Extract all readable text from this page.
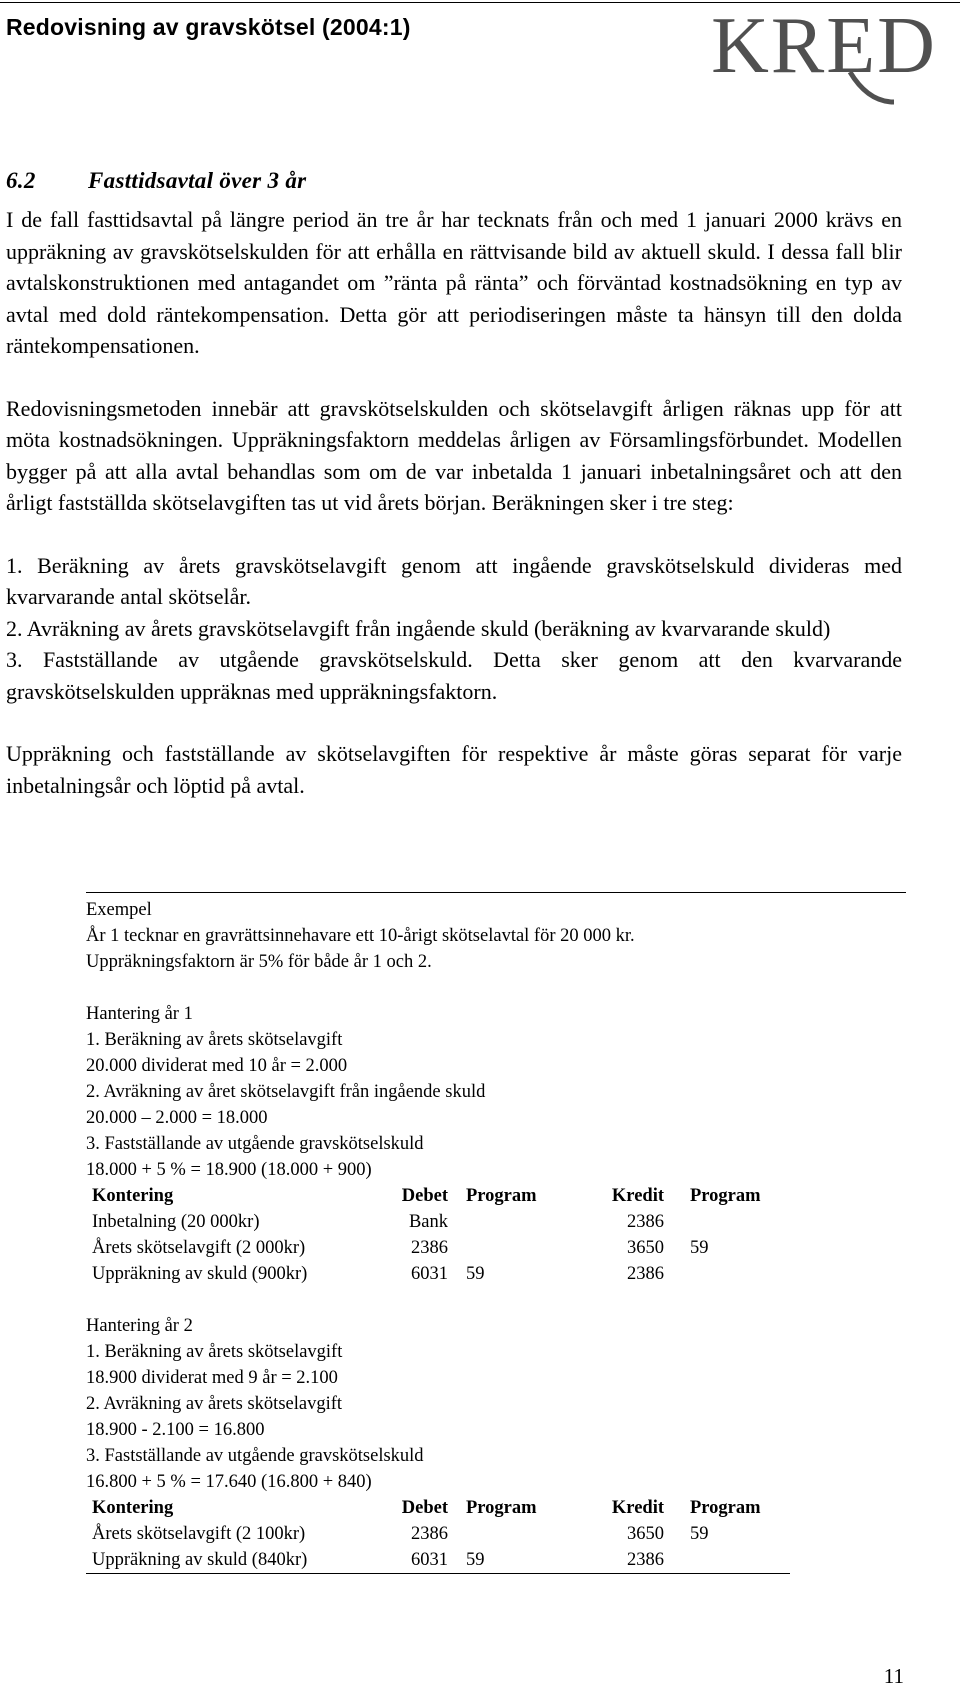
Redovisning av gravskötsel (2004:1)	KRED
6.2 Fasttidsavtal över 3 år

I de fall fasttidsavtal på längre period än tre år har tecknats från och med 1 januari 2000 krävs en uppräkning av gravskötselskulden för att erhålla en rättvisande bild av aktuell skuld. I dessa fall blir avtalskonstruktionen med antagandet om ”ränta på ränta” och förväntad kostnadsökning en typ av avtal med dold räntekompensation. Detta gör att periodiseringen måste ta hänsyn till den dolda räntekompensationen.

Redovisningsmetoden innebär att gravskötselskulden och skötselavgift årligen räknas upp för att möta kostnadsökningen. Uppräkningsfaktorn meddelas årligen av Församlingsförbundet. Modellen bygger på att alla avtal behandlas som om de var inbetalda 1 januari inbetalningsåret och att den årligt fastställda skötselavgiften tas ut vid årets början. Beräkningen sker i tre steg:

1. Beräkning av årets gravskötselavgift genom att ingående gravskötselskuld divideras med kvarvarande antal skötselår.

2. Avräkning av årets gravskötselavgift från ingående skuld (beräkning av kvarvarande skuld)

3. Fastställande av utgående gravskötselskuld. Detta sker genom att den kvarvarande gravskötselskulden uppräknas med uppräkningsfaktorn.

Uppräkning och fastställande av skötselavgiften för respektive år måste göras separat för varje inbetalningsår och löptid på avtal.

Exempel
År 1 tecknar en gravrättsinnehavare ett 10-årigt skötselavtal för 20 000 kr.
Uppräkningsfaktorn är 5% för både år 1 och 2.
Hantering år 1
1. Beräkning av årets skötselavgift
20.000 dividerat med 10 år = 2.000
2. Avräkning av året skötselavgift från ingående skuld
20.000 – 2.000 = 18.000
3. Fastställande av utgående gravskötselskuld
18.000 + 5 % = 18.900 (18.000 + 900)
Kontering	Debet	Program	Kredit	Program
Inbetalning (20 000kr)	Bank		2386	
Årets skötselavgift (2 000kr)	2386		3650	59
Uppräkning av skuld (900kr)	6031	59	2386	
Hantering år 2
1. Beräkning av årets skötselavgift
18.900 dividerat med 9 år = 2.100
2. Avräkning av årets skötselavgift
18.900 - 2.100 = 16.800
3. Fastställande av utgående gravskötselskuld
16.800 + 5 % = 17.640 (16.800 + 840)
Kontering	Debet	Program	Kredit	Program
Årets skötselavgift (2 100kr)	2386		3650	59
Uppräkning av skuld (840kr)	6031	59	2386	
11
